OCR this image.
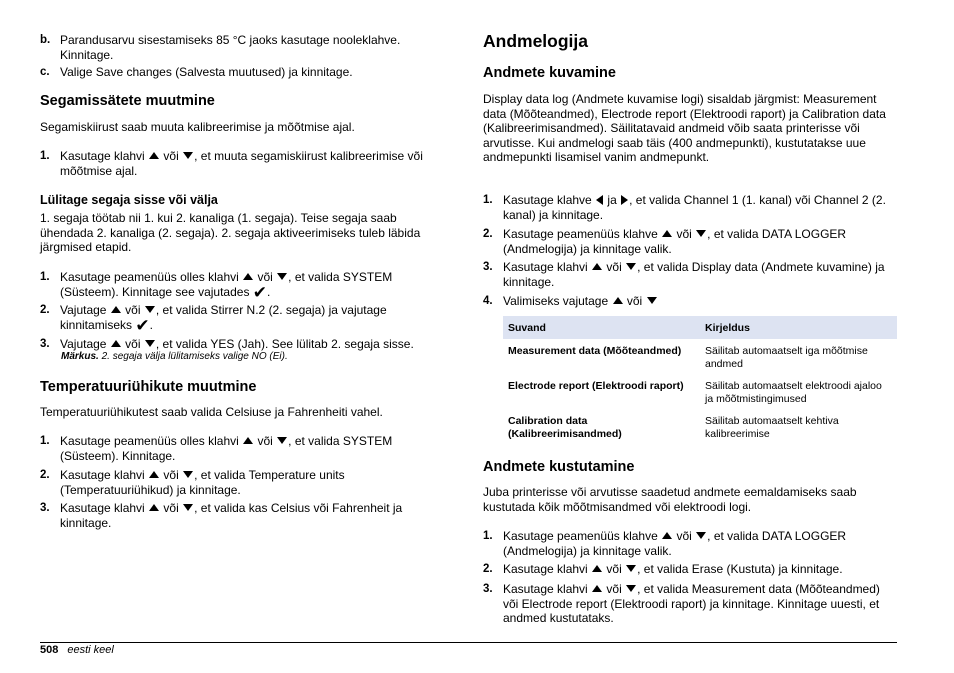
b. Parandusarvu sisestamiseks 85 °C jaoks kasutage nooleklahve. Kinnitage.
c. Valige Save changes (Salvesta muutused) ja kinnitage.
Segamissätete muutmine

Segamiskiirust saab muuta kalibreerimise ja mõõtmise ajal.

1. Kasutage klahvi või , et muuta segamiskiirust kalibreerimise või mõõtmise ajal.
Lülitage segaja sisse või välja

1. segaja töötab nii 1. kui 2. kanaliga (1. segaja). Teise segaja saab ühendada 2. kanaliga (2. segaja). 2. segaja aktiveerimiseks tuleb läbida järgmised etapid.

1. Kasutage peamenüüs olles klahvi või , et valida SYSTEM (Süsteem). Kinnitage see vajutades ✔.
2. Vajutage või , et valida Stirrer N.2 (2. segaja) ja vajutage kinnitamiseks ✔.
3. Vajutage või , et valida YES (Jah). See lülitab 2. segaja sisse.
Märkus. 2. segaja välja lülitamiseks valige NO (Ei).
Temperatuuriühikute muutmine

Temperatuuriühikutest saab valida Celsiuse ja Fahrenheiti vahel.

1. Kasutage peamenüüs olles klahvi või , et valida SYSTEM (Süsteem). Kinnitage.
2. Kasutage klahvi või , et valida Temperature units (Temperatuuriühikud) ja kinnitage.
3. Kasutage klahvi või , et valida kas Celsius või Fahrenheit ja kinnitage.
Andmelogija
Andmete kuvamine

Display data log (Andmete kuvamise logi) sisaldab järgmist: Measurement data (Mõõteandmed), Electrode report (Elektroodi raport) ja Calibration data (Kalibreerimisandmed). Säilitatavaid andmeid võib saata printerisse või arvutisse. Kui andmelogi saab täis (400 andmepunkti), kustutatakse uue andmepunkti lisamisel vanim andmepunkt.

1. Kasutage klahve ja , et valida Channel 1 (1. kanal) või Channel 2 (2. kanal) ja kinnitage.
2. Kasutage peamenüüs klahve või , et valida DATA LOGGER (Andmelogija) ja kinnitage valik.
3. Kasutage klahvi või , et valida Display data (Andmete kuvamine) ja kinnitage.
4. Valimiseks vajutage või
Andmete kustutamine

Juba printerisse või arvutisse saadetud andmete eemaldamiseks saab kustutada kõik mõõtmisandmed või elektroodi logi.

1. Kasutage peamenüüs klahve või , et valida DATA LOGGER (Andmelogija) ja kinnitage valik.
2. Kasutage klahvi või , et valida Erase (Kustuta) ja kinnitage.
3. Kasutage klahvi või , et valida Measurement data (Mõõteandmed) või Electrode report (Elektroodi raport) ja kinnitage. Kinnitage uuesti, et andmed kustutataks.
Suvand	Kirjeldus
Measurement data (Mõõteandmed)	Säilitab automaatselt iga mõõtmise andmed
Electrode report (Elektroodi raport)	Säilitab automaatselt elektroodi ajaloo ja mõõtmistingimused
Calibration data (Kalibreerimisandmed)	Säilitab automaatselt kehtiva kalibreerimise
508 eesti keel
